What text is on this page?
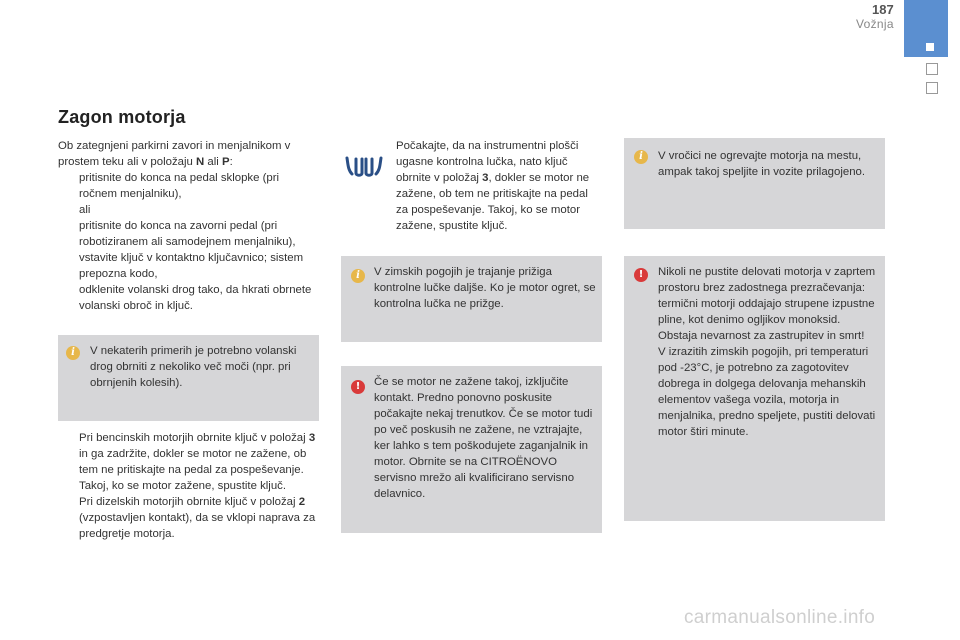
187
Vožnja
Zagon motorja

Ob zategnjeni parkirni zavori in menjalnikom v prostem teku ali v položaju N ali P:

pritisnite do konca na pedal sklopke (pri ročnem menjalniku),
ali
pritisnite do konca na zavorni pedal (pri robotiziranem ali samodejnem menjalniku),
vstavite ključ v kontaktno ključavnico; sistem prepozna kodo,
odklenite volanski drog tako, da hkrati obrnete volanski obroč in ključ.
i	V nekaterih primerih je potrebno volanski drog obrniti z nekoliko več moči (npr. pri obrnjenih kolesih).
Pri bencinskih motorjih obrnite ključ v položaj 3 in ga zadržite, dokler se motor ne zažene, ob tem ne pritiskajte na pedal za pospeševanje. Takoj, ko se motor zažene, spustite ključ.
Pri dizelskih motorjih obrnite ključ v položaj 2 (vzpostavljen kontakt), da se vklopi naprava za predgretje motorja.
Počakajte, da na instrumentni plošči ugasne kontrolna lučka, nato ključ obrnite v položaj 3, dokler se motor ne zažene, ob tem ne pritiskajte na pedal za pospeševanje. Takoj, ko se motor zažene, spustite ključ.
i	V zimskih pogojih je trajanje prižiga kontrolne lučke daljše. Ko je motor ogret, se kontrolna lučka ne prižge.
!	Če se motor ne zažene takoj, izključite kontakt. Predno ponovno poskusite počakajte nekaj trenutkov. Če se motor tudi po več poskusih ne zažene, ne vztrajajte, ker lahko s tem poškodujete zaganjalnik in motor. Obrnite se na CITROËNOVO servisno mrežo ali kvalificirano servisno delavnico.
i	V vročici ne ogrevajte motorja na mestu, ampak takoj speljite in vozite prilagojeno.
!	Nikoli ne pustite delovati motorja v zaprtem prostoru brez zadostnega prezračevanja: termični motorji oddajajo strupene izpustne pline, kot denimo ogljikov monoksid. Obstaja nevarnost za zastrupitev in smrt!

V izrazitih zimskih pogojih, pri temperaturi pod -23°C, je potrebno za zagotovitev dobrega in dolgega delovanja mehanskih elementov vašega vozila, motorja in menjalnika, predno speljete, pustiti delovati motor štiri minute.

carmanualsonline.info
